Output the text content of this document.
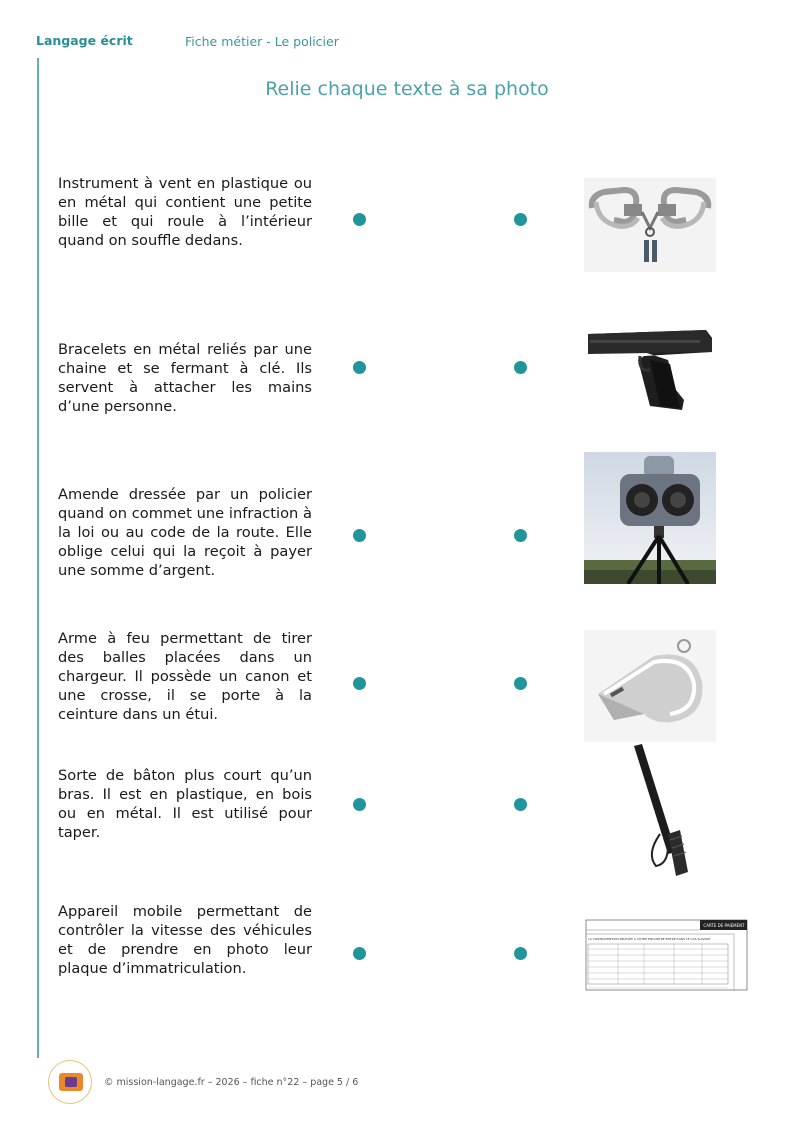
Langage écrit	Fiche métier - Le policier
Relie chaque texte à sa photo
Instrument à vent en plastique ou en métal qui contient une petite bille et qui roule à l’intérieur quand on souffle dedans.
Bracelets en métal reliés par une chaine et se fermant à clé. Ils servent à attacher les mains d’une personne.
Amende dressée par un policier quand on commet une infraction à la loi ou au code de la route. Elle oblige celui qui la reçoit à payer une somme d’argent.
Arme à feu permettant de tirer des balles placées dans un chargeur. Il possède un canon et une crosse, il se porte à la ceinture dans un étui.
Sorte de bâton plus court qu’un bras. Il est en plastique, en bois ou en métal. Il est utilisé pour taper.
Appareil mobile permettant de contrôler la vitesse des véhicules et de prendre en photo leur plaque d’immatriculation.
CARTE DE PAIEMENT
LA CONTRAVENTION RELEVÉE À VOTRE ENCONTRE ENTRE DANS LE CAS SUIVANT
© mission-langage.fr – 2026 – fiche n°22 – page 5 / 6
